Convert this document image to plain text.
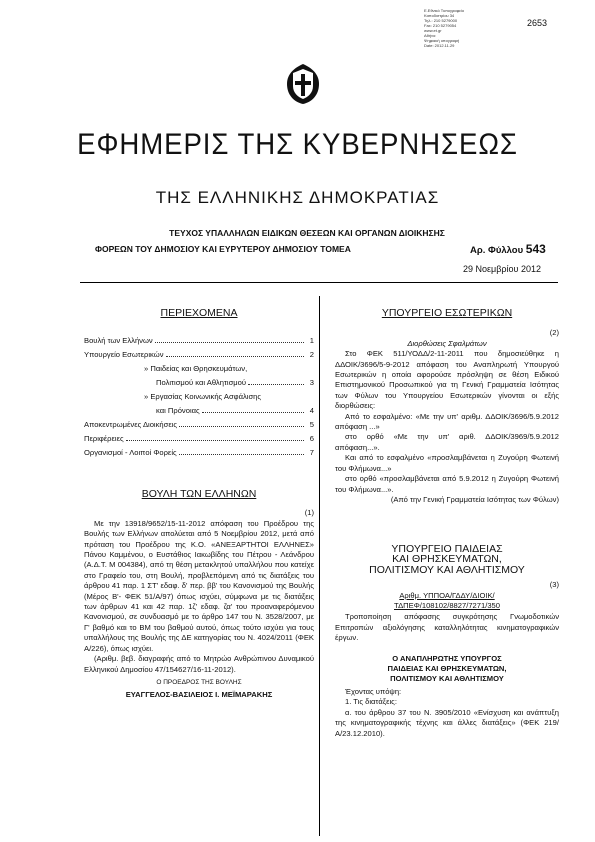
Ε.Εθνικό Τυπογραφείο
Καποδιστρίου 34
Τηλ.: 210 5279000
Fax: 210 5279054
www.et.gr
Αθήνα
Ψηφιακή υπογραφή
Date: 2012.11.29
2653
ΕΦΗΜΕΡΙΣ ΤΗΣ ΚΥΒΕΡΝΗΣΕΩΣ
ΤΗΣ ΕΛΛΗΝΙΚΗΣ ΔΗΜΟΚΡΑΤΙΑΣ
ΤΕΥΧΟΣ ΥΠΑΛΛΗΛΩΝ ΕΙΔΙΚΩΝ ΘΕΣΕΩΝ ΚΑΙ ΟΡΓΑΝΩΝ ΔΙΟΙΚΗΣΗΣ
ΦΟΡΕΩΝ ΤΟΥ ΔΗΜΟΣΙΟΥ ΚΑΙ ΕΥΡΥΤΕΡΟΥ ΔΗΜΟΣΙΟΥ ΤΟΜΕΑ	Αρ. Φύλλου 543
29 Νοεμβρίου 2012
ΠΕΡΙΕΧΟΜΕΝΑ
Βουλή των Ελλήνων	1
Υπουργείο Εσωτερικών	2
» Παιδείας και Θρησκευμάτων,
Πολιτισμού και Αθλητισμού	3
» Εργασίας Κοινωνικής Ασφάλισης
και Πρόνοιας	4
Αποκεντρωμένες Διοικήσεις	5
Περιφέρειες	6
Οργανισμοί - Λοιποί Φορείς	7
ΒΟΥΛΗ ΤΩΝ ΕΛΛΗΝΩΝ
(1)

Με την 13918/9652/15-11-2012 απόφαση του Προέδρου της Βουλής των Ελλήνων απολύεται από 5 Νοεμβρίου 2012, μετά από πρόταση του Προέδρου της Κ.Ο. «ΑΝΕΞΑΡΤΗΤΟΙ ΕΛΛΗΝΕΣ» Πάνου Καμμένου, ο Ευστάθιος Ιακωβίδης του Πέτρου - Λεάνδρου (Α.Δ.Τ. Μ 004384), από τη θέση μετακλητού υπαλλήλου που κατείχε στο Γραφείο του, στη Βουλή, προβλεπόμενη από τις διατάξεις του άρθρου 41 παρ. 1 ΣΤ' εδαφ. δ' περ. ββ' του Κανονισμού της Βουλής (Μέρος Β'- ΦΕΚ 51/Α/97) όπως ισχύει, σύμφωνα με τις διατάξεις των άρθρων 41 και 42 παρ. 1ζ' εδαφ. ζα' του προαναφερόμενου Κανονισμού, σε συνδυασμό με το άρθρο 147 του Ν. 3528/2007, με Γ' βαθμό και το ΒΜ του βαθμού αυτού, όπως τούτο ισχύει για τους υπαλλήλους της Βουλής της ΔΕ κατηγορίας του Ν. 4024/2011 (ΦΕΚ Α/226), όπως ισχύει.

(Αριθμ. βεβ. διαγραφής από το Μητρώο Ανθρώπινου Δυναμικού Ελληνικού Δημοσίου 47/154627/16-11-2012).

Ο ΠΡΟΕΔΡΟΣ ΤΗΣ ΒΟΥΛΗΣ
ΕΥΑΓΓΕΛΟΣ-ΒΑΣΙΛΕΙΟΣ Ι. ΜΕΪΜΑΡΑΚΗΣ
ΥΠΟΥΡΓΕΙΟ ΕΣΩΤΕΡΙΚΩΝ
(2)
Διορθώσεις Σφαλμάτων

Στο ΦΕΚ 511/ΥΟΔΔ/2-11-2011 που δημοσιεύθηκε η ΔΔΟΙΚ/3696/5-9-2012 απόφαση του Αναπληρωτή Υπουργού Εσωτερικών η οποία αφορούσε πρόσληψη σε θέση Ειδικού Επιστημονικού Προσωπικού για τη Γενική Γραμματεία Ισότητας των Φύλων του Υπουργείου Εσωτερικών γίνονται οι εξής διορθώσεις:

Από το εσφαλμένο: «Με την υπ' αριθμ. ΔΔΟΙΚ/3696/5.9.2012 απόφαση ...»

στο ορθό «Με την υπ' αριθ. ΔΔΟΙΚ/3969/5.9.2012 απόφαση...».

Και από το εσφαλμένο «προσλαμβάνεται η Ζυγούρη Φωτεινή του Φλήμωνα...»

στο ορθό «προσλαμβάνεται από 5.9.2012 η Ζυγούρη Φωτεινή του Φλήμωνα...».

(Από την Γενική Γραμματεία Ισότητας των Φύλων)

ΥΠΟΥΡΓΕΙΟ ΠΑΙΔΕΙΑΣ
ΚΑΙ ΘΡΗΣΚΕΥΜΑΤΩΝ,
ΠΟΛΙΤΙΣΜΟΥ ΚΑΙ ΑΘΛΗΤΙΣΜΟΥ
(3)
Αριθμ. ΥΠΠΟΑ/ΓΔΔΥ/ΔΙΟΙΚ/
ΤΔΠΕΦ/108102/8827/7271/350

Τροποποίηση απόφασης συγκρότησης Γνωμοδοτικών Επιτροπών αξιολόγησης καταλληλότητας κινηματογραφικών έργων.

Ο ΑΝΑΠΛΗΡΩΤΗΣ ΥΠΟΥΡΓΟΣ
ΠΑΙΔΕΙΑΣ ΚΑΙ ΘΡΗΣΚΕΥΜΑΤΩΝ,
ΠΟΛΙΤΙΣΜΟΥ ΚΑΙ ΑΘΛΗΤΙΣΜΟΥ

Έχοντας υπόψη:

1. Τις διατάξεις:

α. του άρθρου 37 του Ν. 3905/2010 «Ενίσχυση και ανάπτυξη της κινηματογραφικής τέχνης και άλλες διατάξεις» (ΦΕΚ 219/Α/23.12.2010).
